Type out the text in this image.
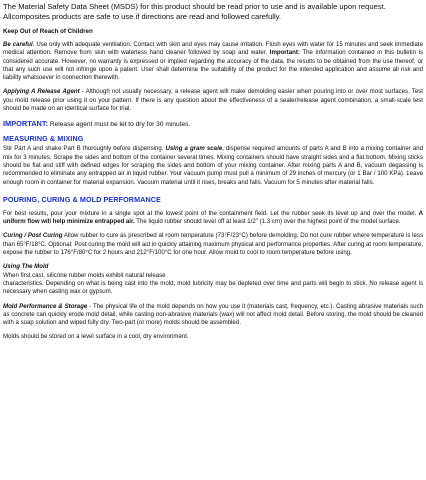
The Material Safety Data Sheet (MSDS) for this product should be read prior to use and is available upon request.
Allcomposites products are safe to use if directions are read and followed carefully.
Keep Out of Reach of Children

Be careful. Use only with adequate ventilation. Contact with skin and eyes may cause irritation. Flush eyes with water for 15 minutes and seek immediate medical attention. Remove from skin with waterless hand cleaner followed by soap and water. Important: The information contained in this bulletin is considered accurate. However, no warranty is expressed or implied regarding the accuracy of the data, the results to be obtained from the use thereof, or that any such use will not infringe upon a patent. User shall determine the suitability of the product for the intended application and assume all risk and liability whatsoever in connection therewith.

Applying A Release Agent - Although not usually necessary, a release agent will make demolding easier when pouring into or over most surfaces. Test you mold release prior using it on your pattern. If there is any question about the effectiveness of a sealer/release agent combination, a small-scale test should be made on an identical surface for trial.

IMPORTANT: Release agent must be let to dry for 30 minutes.
MEASURING & MIXING

Stir Part A and shake Part B thoroughly before dispensing. Using a gram scale, dispense required amounts of parts A and B into a mixing container and mix for 3 minutes. Scrape the sides and bottom of the container several times. Mixing containers should have straight sides and a flat bottom. Mixing sticks should be flat and stiff with defined edges for scraping the sides and bottom of your mixing container. After mixing parts A and B, vacuum degassing is recommended to eliminate any entrapped air in liquid rubber. Your vacuum pump must pull a minimum of 29 inches of mercury (or 1 Bar / 100 KPa). Leave enough room in container for material expansion. Vacuum material until it rises, breaks and falls. Vacuum for 5 minutes after material falls.

POURING, CURING & MOLD PERFORMANCE

For best results, pour your mixture in a single spot at the lowest point of the containment field. Let the rubber seek its level up and over the model. A uniform flow will help minimize entrapped air. The liquid rubber should level off at least 1/2" (1.3 cm) over the highest point of the model surface.

Curing / Post Curing Allow rubber to cure as prescribed at room temperature (73°F/23°C) before demolding. Do not cure rubber where temperature is less than 65°F/18°C. Optional: Post curing the mold will aid in quickly attaining maximum physical and performance properties. After curing at room temperature, expose the rubber to 176°F/80°C for 2 hours and 212°F/100°C for one hour. Allow mold to cool to room temperature before using.

Using The Mold
When first cast, silicone rubber molds exhibit natural release
characteristics. Depending on what is being cast into the mold, mold lubricity may be depleted over time and parts will begin to stick. No release agent is necessary when casting wax or gypsum.

Mold Performance & Storage - The physical life of the mold depends on how you use it (materials cast, frequency, etc.). Casting abrasive materials such as concrete can quickly erode mold detail, while casting non-abrasive materials (wax) will not affect mold detail. Before storing, the mold should be cleaned with a soap solution and wiped fully dry. Two-part (or more) molds should be assembled.

Molds should be stored on a level surface in a cool, dry environment.
